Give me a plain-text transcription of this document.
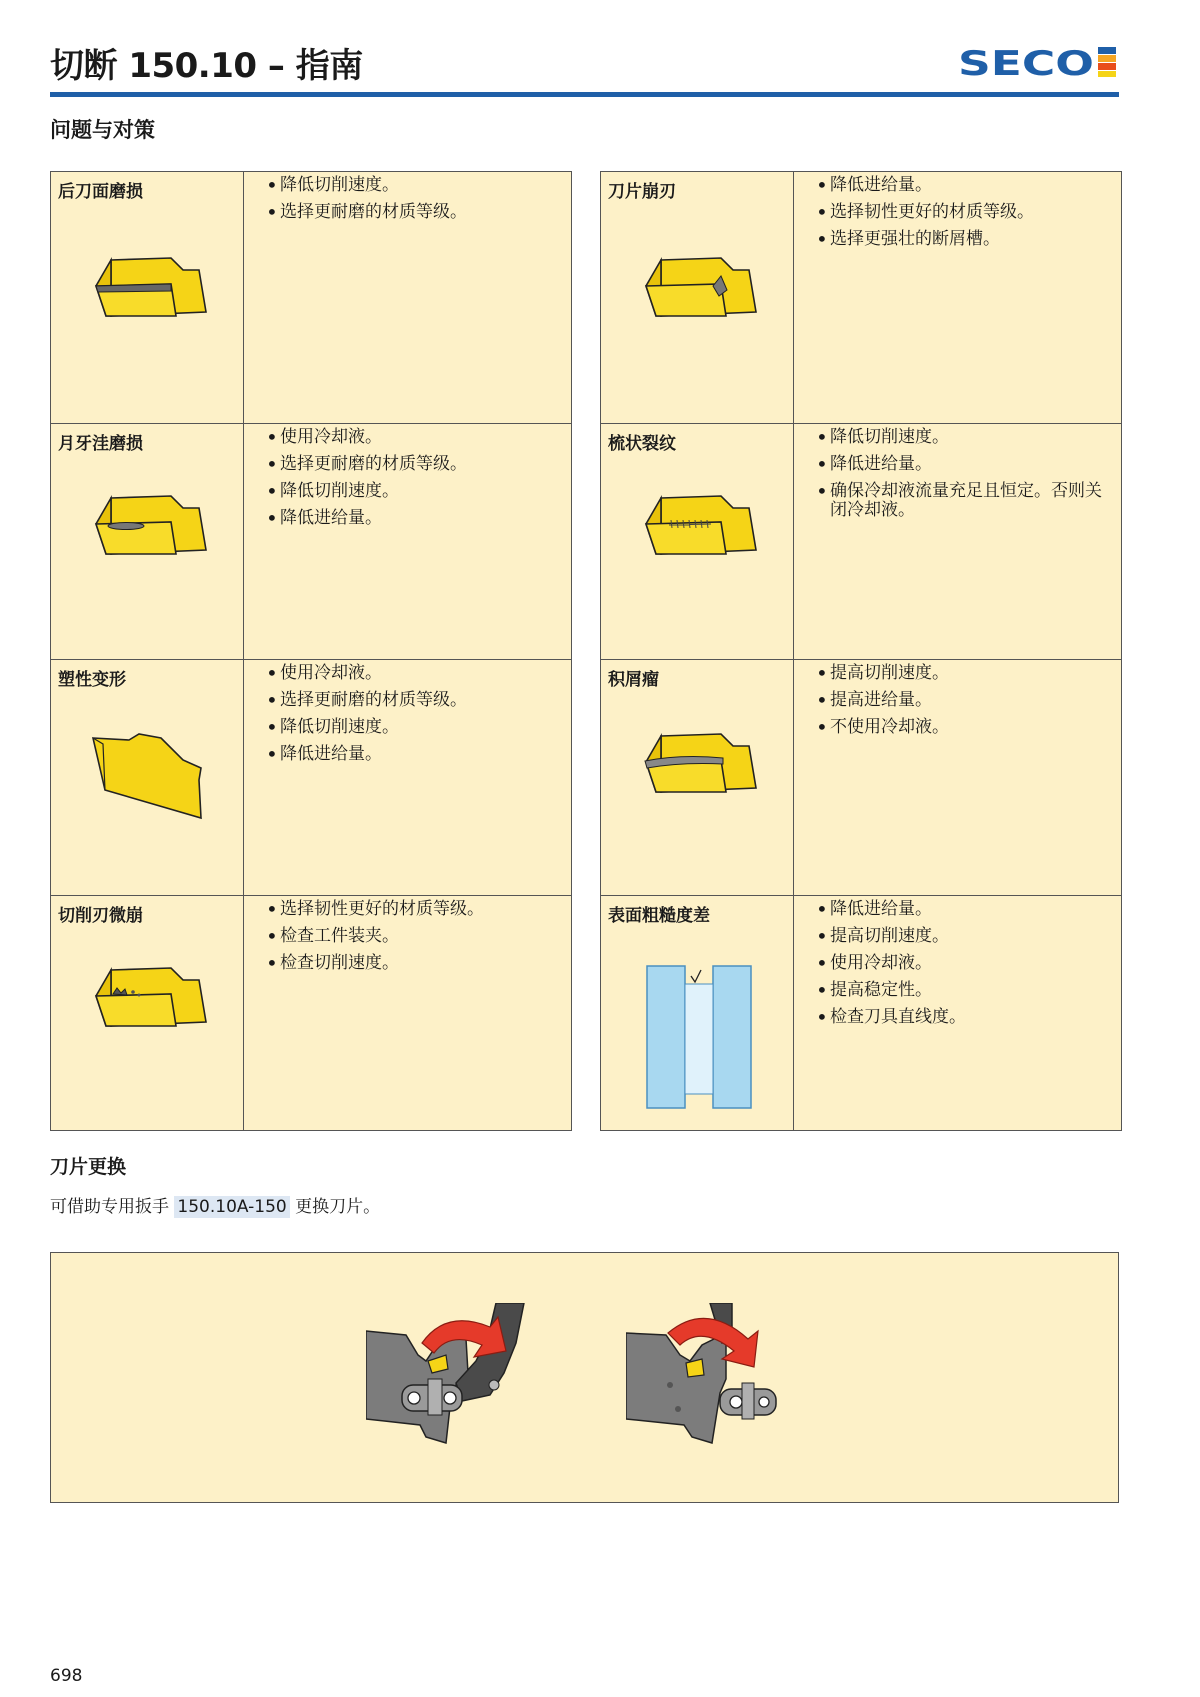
切断 150.10 – 指南	SECO
问题与对策
后刀面磨损	• 降低切削速度。
• 选择更耐磨的材质等级。
月牙洼磨损	• 使用冷却液。
• 选择更耐磨的材质等级。
• 降低切削速度。
• 降低进给量。
塑性变形	• 使用冷却液。
• 选择更耐磨的材质等级。
• 降低切削速度。
• 降低进给量。
切削刃微崩	• 选择韧性更好的材质等级。
• 检查工件装夹。
• 检查切削速度。
刀片崩刃	• 降低进给量。
• 选择韧性更好的材质等级。
• 选择更强壮的断屑槽。
梳状裂纹	• 降低切削速度。
• 降低进给量。
• 确保冷却液流量充足且恒定。否则关闭冷却液。
积屑瘤	• 提高切削速度。
• 提高进给量。
• 不使用冷却液。
表面粗糙度差	• 降低进给量。
• 提高切削速度。
• 使用冷却液。
• 提高稳定性。
• 检查刀具直线度。
刀片更换

可借助专用扳手 150.10A-150 更换刀片。

698
